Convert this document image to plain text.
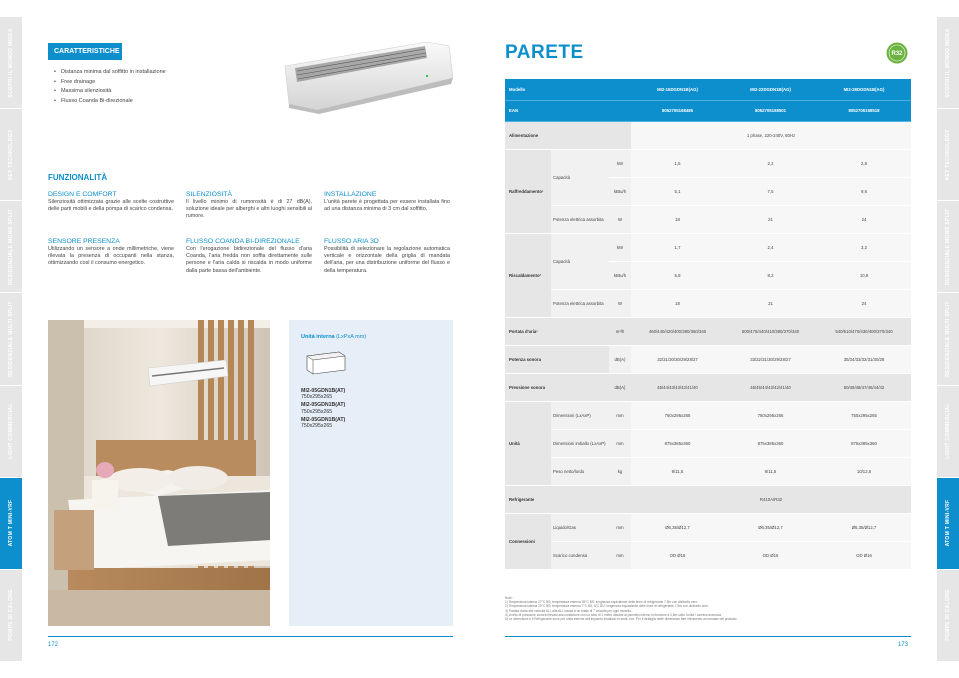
SCOPRI IL MONDO MIDEA
KEY TECHNOLOGY
RESIDENZIALE MONO SPLIT
RESIDENZIALE MULTI SPLIT
LIGHT COMMERCIAL
ATOM T MINI-VRF
POMPE DI CALORE
SCOPRI IL MONDO MIDEA
KEY TECHNOLOGY
RESIDENZIALE MONO SPLIT
RESIDENZIALE MULTI SPLIT
LIGHT COMMERCIAL
ATOM T MINI-VRF
POMPE DI CALORE
CARATTERISTICHE
• Distanza minima dal soffitto in installazione
• Free drainage
• Massima silenziosità
• Flusso Coanda Bi-direzionale
FUNZIONALITÀ
DESIGN E COMFORT

Silenziosità ottimizzata grazie alle scelte costruttive delle parti mobili e della pompa di scarico condensa.

SILENZIOSITÀ

Il livello minimo di rumorosità è di 27 dB(A), soluzione ideale per alberghi e altri luoghi sensibili al rumore.

INSTALLAZIONE

L'unità parete è progettata per essere installata fino ad una distanza minima di 3 cm dal soffitto.

SENSORE PRESENZA

Utilizzando un sensore a onde millimetriche, viene rilevata la presenza di occupanti nella stanza, ottimizzando così il consumo energetico.

FLUSSO COANDA BI-DIREZIONALE

Con l'erogazione bidirezionale del flusso d'aria Coanda, l'aria fredda non soffia direttamente sulle persone e l'aria calda si riscalda in modo uniforme dalla parte bassa dell'ambiente.

FLUSSO ARIA 3D

Possibilità di selezionare la regolazione automatica verticale e orizzontale della griglia di mandata dell'aria, per una distribuzione uniforme del flusso e della temperatura.

Unità interna (LxPxA mm)
MI2-05GDN1B(AT)
750x295x265
MI2-05GDN1B(AT)
750x295x265
MI2-05GDN1B(AT)
750x295x265
172
PARETE	R32
Modello			MI2-15DGDN1B(AG)	MI2-22DGDN1B(AG)	MI2-28DGDN1B(AG)
EAN			8052705168485	8052705168501	8052705168518
Alimentazione			1 phase, 220-240V, 50Hz		
Raffreddamento¹	Capacità	kW	1,5	2,2	2,8
		kBtu/h	5,1	7,5	9,6
	Potenza elettrica assorbita	W	18	21	24
Riscaldamento²	Capacità	kW	1,7	2,4	3,2
		kBtu/h	5,8	8,2	10,9
	Potenza elettrica assorbita	W	18	21	24
Portata d'aria³		m³/h	460/440/420/400/380/360/340	500/475/440/410/380/370/340	540/510/470/430/400/370/340
Potenza sonora		dB(A)	32/31/30/30/29/28/27	33/32/31/30/29/28/27	35/34/33/32/31/30/28
Pressione sonora		dB(A)	45/44/43/43/42/41/40	46/45/44/43/42/41/40	50/49/48/47/46/44/42
Unità	Dimensioni (LxAxP)	mm	750x295x265	750x295x265	750x295x265
	Dimensioni imballo (LxAxP)	mm	875x385x360	875x385x360	875x385x360
	Peso netto/lordo	kg	9/11,5	9/11,5	10/12,5
Refrigerante			R410A/R32		
Connessioni	Liquido/Gas	mm	Ø6,35/Ø12,7	Ø6,35/Ø12,7	Ø6,35/Ø12,7
	Scarico condensa	mm	OD Ø16	OD Ø16	OD Ø16
Note:
1) Temperatura interna 27°C BS; temperatura esterna 35°C BS; lunghezza equivalente delle linee di refrigerante 7,5m con dislivello zero.
2) Temperatura interna 20°C BS; temperatura esterna 7°C BS, 6°C BU; lunghezza equivalente delle linee di refrigerante 7,5m con dislivello zero.
3) Portata d'aria alle velocità ALL alta ALL bassa a un totale di 7 velocità per ogni modello.
4) Livello di pressione sonora rilevato alla condizione con un tubo di 1 metro davanti al pannello interno in funzione a 0,8m sotto l'unità / camera anecoica.
5) Le dimensioni e il Refrigerante sono per unità esterne dell'impianto installato in serie, ecc. Per il dettaglio delle dimensioni fare riferimento al manuale del prodotto.
173
